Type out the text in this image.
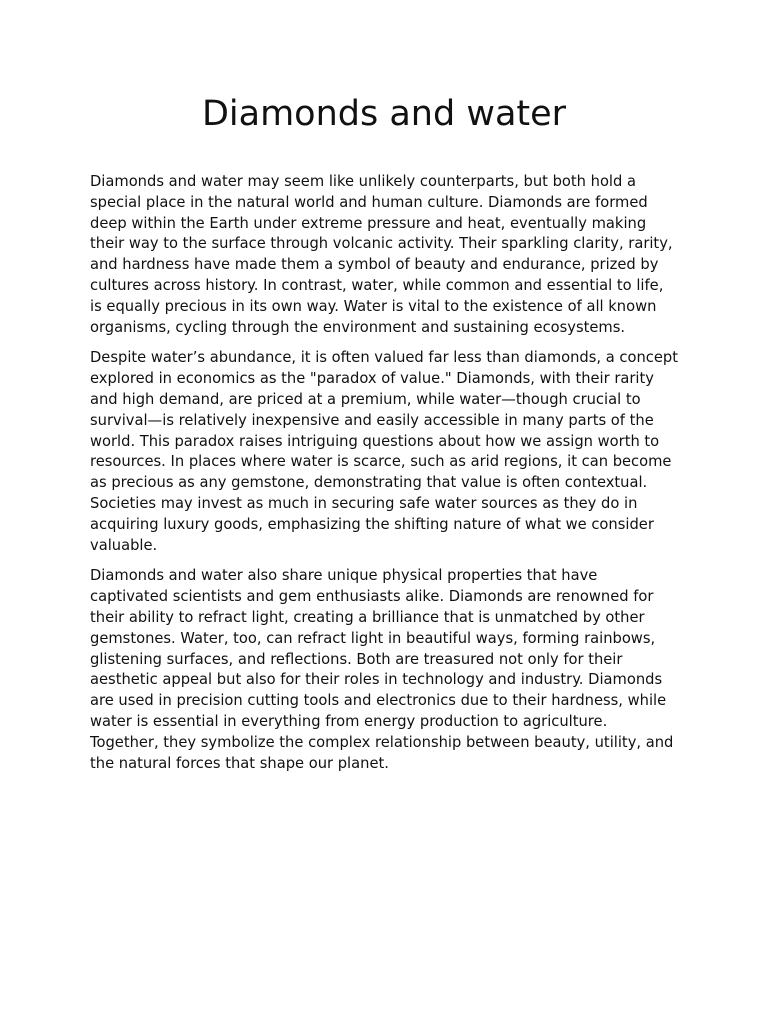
Diamonds and water

Diamonds and water may seem like unlikely counterparts, but both hold a special place in the natural world and human culture. Diamonds are formed deep within the Earth under extreme pressure and heat, eventually making their way to the surface through volcanic activity. Their sparkling clarity, rarity, and hardness have made them a symbol of beauty and endurance, prized by cultures across history. In contrast, water, while common and essential to life, is equally precious in its own way. Water is vital to the existence of all known organisms, cycling through the environment and sustaining ecosystems.

Despite water’s abundance, it is often valued far less than diamonds, a concept explored in economics as the "paradox of value." Diamonds, with their rarity and high demand, are priced at a premium, while water—though crucial to survival—is relatively inexpensive and easily accessible in many parts of the world. This paradox raises intriguing questions about how we assign worth to resources. In places where water is scarce, such as arid regions, it can become as precious as any gemstone, demonstrating that value is often contextual. Societies may invest as much in securing safe water sources as they do in acquiring luxury goods, emphasizing the shifting nature of what we consider valuable.

Diamonds and water also share unique physical properties that have captivated scientists and gem enthusiasts alike. Diamonds are renowned for their ability to refract light, creating a brilliance that is unmatched by other gemstones. Water, too, can refract light in beautiful ways, forming rainbows, glistening surfaces, and reflections. Both are treasured not only for their aesthetic appeal but also for their roles in technology and industry. Diamonds are used in precision cutting tools and electronics due to their hardness, while water is essential in everything from energy production to agriculture. Together, they symbolize the complex relationship between beauty, utility, and the natural forces that shape our planet.
